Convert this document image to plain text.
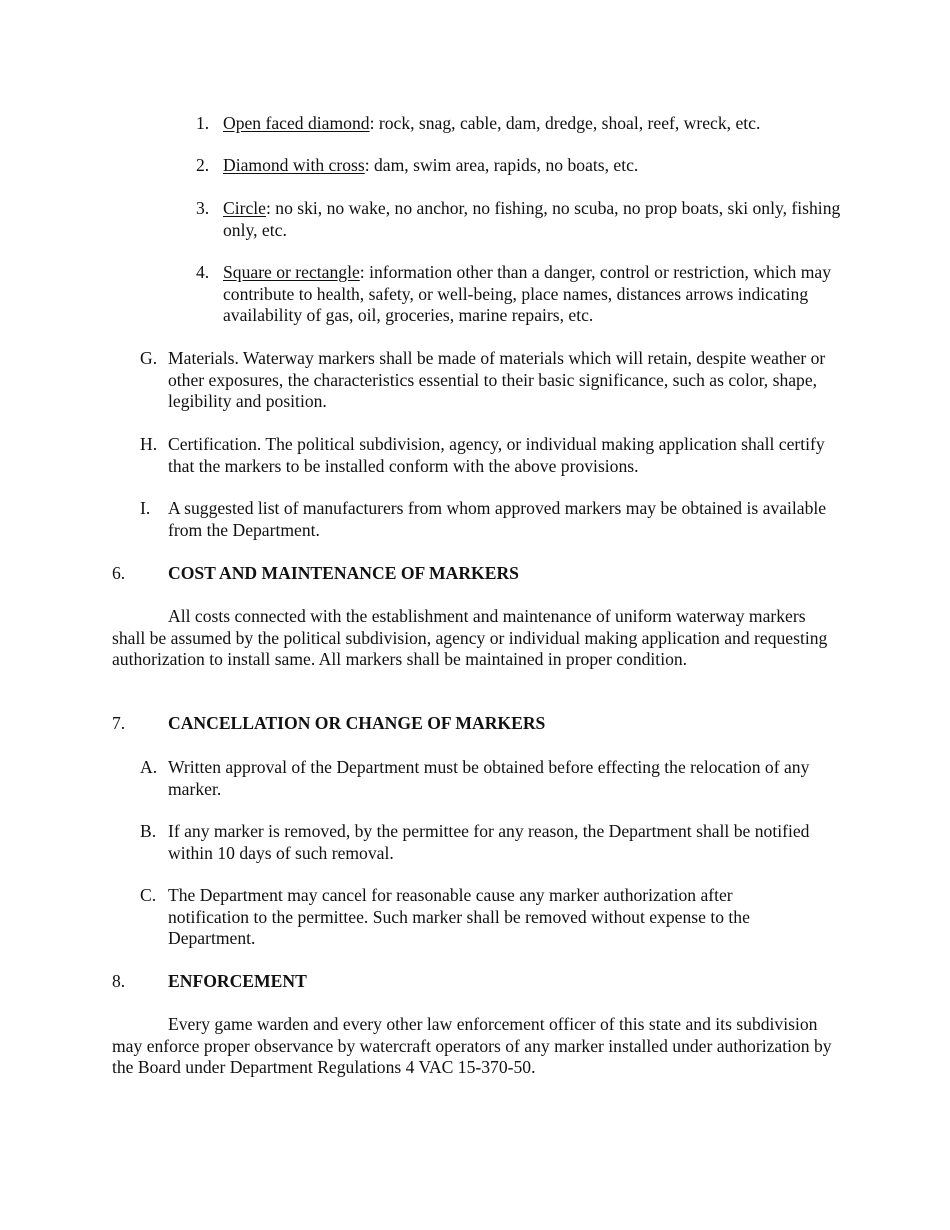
1. Open faced diamond: rock, snag, cable, dam, dredge, shoal, reef, wreck, etc.
2. Diamond with cross: dam, swim area, rapids, no boats, etc.
3. Circle: no ski, no wake, no anchor, no fishing, no scuba, no prop boats, ski only, fishing only, etc.
4. Square or rectangle: information other than a danger, control or restriction, which may contribute to health, safety, or well-being, place names, distances arrows indicating availability of gas, oil, groceries, marine repairs, etc.
G. Materials. Waterway markers shall be made of materials which will retain, despite weather or other exposures, the characteristics essential to their basic significance, such as color, shape, legibility and position.
H. Certification. The political subdivision, agency, or individual making application shall certify that the markers to be installed conform with the above provisions.
I. A suggested list of manufacturers from whom approved markers may be obtained is available from the Department.
6. COST AND MAINTENANCE OF MARKERS
All costs connected with the establishment and maintenance of uniform waterway markers shall be assumed by the political subdivision, agency or individual making application and requesting authorization to install same. All markers shall be maintained in proper condition.
7. CANCELLATION OR CHANGE OF MARKERS
A. Written approval of the Department must be obtained before effecting the relocation of any marker.
B. If any marker is removed, by the permittee for any reason, the Department shall be notified within 10 days of such removal.
C. The Department may cancel for reasonable cause any marker authorization after notification to the permittee. Such marker shall be removed without expense to the Department.
8. ENFORCEMENT
Every game warden and every other law enforcement officer of this state and its subdivision may enforce proper observance by watercraft operators of any marker installed under authorization by the Board under Department Regulations 4 VAC 15-370-50.
